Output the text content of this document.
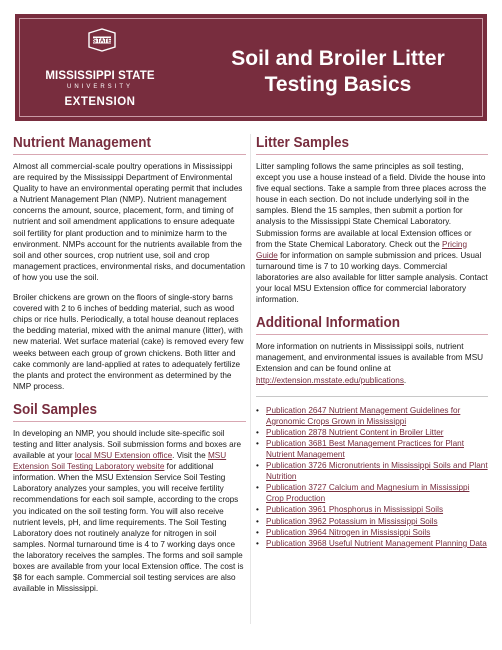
STATE
MISSISSIPPI STATE
UNIVERSITY
EXTENSION
Soil and Broiler Litter Testing Basics
Nutrient Management

Almost all commercial-scale poultry operations in Mississippi are required by the Mississippi Department of Environmental Quality to have an environmental operating permit that includes a Nutrient Management Plan (NMP). Nutrient management concerns the amount, source, placement, form, and timing of nutrient and soil amendment applications to ensure adequate soil fertility for plant production and to minimize harm to the environment. NMPs account for the nutrients available from the soil and other sources, crop nutrient use, soil and crop management practices, environmental risks, and documentation of how you use the soil.

Broiler chickens are grown on the floors of single-story barns covered with 2 to 6 inches of bedding material, such as wood chips or rice hulls. Periodically, a total house deanout replaces the bedding material, mixed with the animal manure (litter), with new material. Wet surface material (cake) is removed every few weeks between each group of grown chickens. Both litter and cake commonly are land-applied at rates to adequately fertilize the plants and protect the environment as determined by the NMP process.

Soil Samples

In developing an NMP, you should include site-specific soil testing and litter analysis. Soil submission forms and boxes are available at your local MSU Extension office. Visit the MSU Extension Soil Testing Laboratory website for additional information. When the MSU Extension Service Soil Testing Laboratory analyzes your samples, you will receive fertility recommendations for each soil sample, according to the crops you indicated on the soil testing form. You will also receive nutrient levels, pH, and lime requirements. The Soil Testing Laboratory does not routinely analyze for nitrogen in soil samples. Normal turnaround time is 4 to 7 working days once the laboratory receives the samples. The forms and soil sample boxes are available from your local Extension office. The cost is $8 for each sample. Commercial soil testing services are also available in Mississippi.

Litter Samples

Litter sampling follows the same principles as soil testing, except you use a house instead of a field. Divide the house into five equal sections. Take a sample from three places across the house in each section. Do not include underlying soil in the samples. Blend the 15 samples, then submit a portion for analysis to the Mississippi State Chemical Laboratory. Submission forms are available at local Extension offices or from the State Chemical Laboratory. Check out the Pricing Guide for information on sample submission and prices. Usual turnaround time is 7 to 10 working days. Commercial laboratories are also available for litter sample analysis. Contact your local MSU Extension office for commercial laboratory information.

Additional Information

More information on nutrients in Mississippi soils, nutrient management, and environmental issues is available from MSU Extension and can be found online at http://extension.msstate.edu/publications.

• Publication 2647 Nutrient Management Guidelines for Agronomic Crops Grown in Mississippi
• Publication 2878 Nutrient Content in Broiler Litter
• Publication 3681 Best Management Practices for Plant Nutrient Management
• Publication 3726 Micronutrients in Mississippi Soils and Plant Nutrition
• Publication 3727 Calcium and Magnesium in Mississippi Crop Production
• Publication 3961 Phosphorus in Mississippi Soils
• Publication 3962 Potassium in Mississippi Soils
• Publication 3964 Nitrogen in Mississippi Soils
• Publication 3968 Useful Nutrient Management Planning Data
